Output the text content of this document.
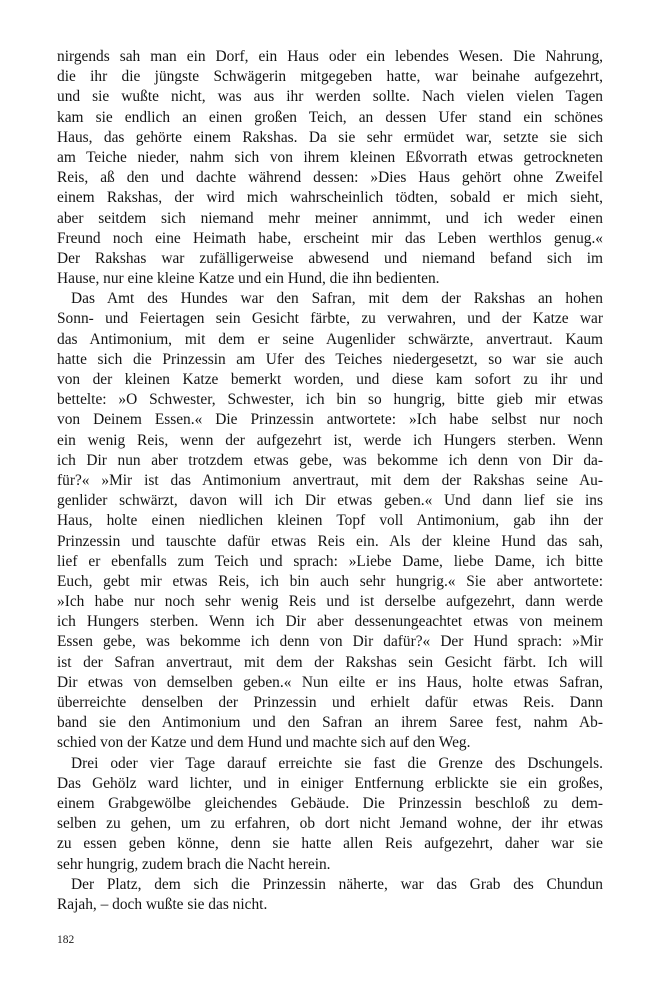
nirgends sah man ein Dorf, ein Haus oder ein lebendes Wesen. Die Nahrung,
die ihr die jüngste Schwägerin mitgegeben hatte, war beinahe aufgezehrt,
und sie wußte nicht, was aus ihr werden sollte. Nach vielen vielen Tagen
kam sie endlich an einen großen Teich, an dessen Ufer stand ein schönes
Haus, das gehörte einem Rakshas. Da sie sehr ermüdet war, setzte sie sich
am Teiche nieder, nahm sich von ihrem kleinen Eßvorrath etwas getrockneten
Reis, aß den und dachte während dessen: »Dies Haus gehört ohne Zweifel
einem Rakshas, der wird mich wahrscheinlich tödten, sobald er mich sieht,
aber seitdem sich niemand mehr meiner annimmt, und ich weder einen
Freund noch eine Heimath habe, erscheint mir das Leben werthlos genug.«
Der Rakshas war zufälligerweise abwesend und niemand befand sich im
Hause, nur eine kleine Katze und ein Hund, die ihn bedienten.
Das Amt des Hundes war den Safran, mit dem der Rakshas an hohen
Sonn- und Feiertagen sein Gesicht färbte, zu verwahren, und der Katze war
das Antimonium, mit dem er seine Augenlider schwärzte, anvertraut. Kaum
hatte sich die Prinzessin am Ufer des Teiches niedergesetzt, so war sie auch
von der kleinen Katze bemerkt worden, und diese kam sofort zu ihr und
bettelte: »O Schwester, Schwester, ich bin so hungrig, bitte gieb mir etwas
von Deinem Essen.« Die Prinzessin antwortete: »Ich habe selbst nur noch
ein wenig Reis, wenn der aufgezehrt ist, werde ich Hungers sterben. Wenn
ich Dir nun aber trotzdem etwas gebe, was bekomme ich denn von Dir da-
für?« »Mir ist das Antimonium anvertraut, mit dem der Rakshas seine Au-
genlider schwärzt, davon will ich Dir etwas geben.« Und dann lief sie ins
Haus, holte einen niedlichen kleinen Topf voll Antimonium, gab ihn der
Prinzessin und tauschte dafür etwas Reis ein. Als der kleine Hund das sah,
lief er ebenfalls zum Teich und sprach: »Liebe Dame, liebe Dame, ich bitte
Euch, gebt mir etwas Reis, ich bin auch sehr hungrig.« Sie aber antwortete:
»Ich habe nur noch sehr wenig Reis und ist derselbe aufgezehrt, dann werde
ich Hungers sterben. Wenn ich Dir aber dessenungeachtet etwas von meinem
Essen gebe, was bekomme ich denn von Dir dafür?« Der Hund sprach: »Mir
ist der Safran anvertraut, mit dem der Rakshas sein Gesicht färbt. Ich will
Dir etwas von demselben geben.« Nun eilte er ins Haus, holte etwas Safran,
überreichte denselben der Prinzessin und erhielt dafür etwas Reis. Dann
band sie den Antimonium und den Safran an ihrem Saree fest, nahm Ab-
schied von der Katze und dem Hund und machte sich auf den Weg.
Drei oder vier Tage darauf erreichte sie fast die Grenze des Dschungels.
Das Gehölz ward lichter, und in einiger Entfernung erblickte sie ein großes,
einem Grabgewölbe gleichendes Gebäude. Die Prinzessin beschloß zu dem-
selben zu gehen, um zu erfahren, ob dort nicht Jemand wohne, der ihr etwas
zu essen geben könne, denn sie hatte allen Reis aufgezehrt, daher war sie
sehr hungrig, zudem brach die Nacht herein.
Der Platz, dem sich die Prinzessin näherte, war das Grab des Chundun
Rajah, – doch wußte sie das nicht.
182
